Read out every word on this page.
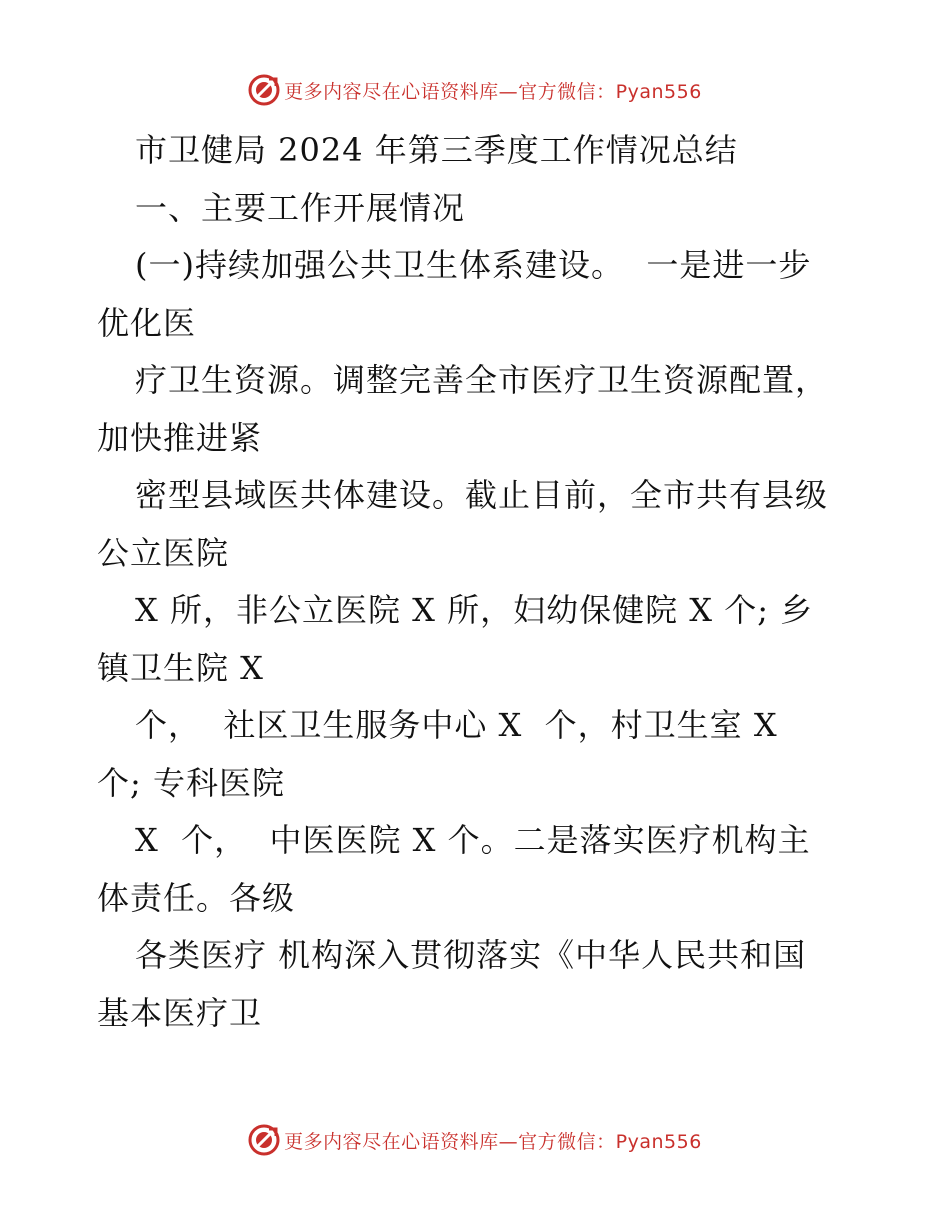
更多内容尽在心语资料库—官方微信：Pyan556
市卫健局 2024 年第三季度工作情况总结
一、主要工作开展情况
(一)持续加强公共卫生体系建设。  一是进一步
优化医
疗卫生资源。调整完善全市医疗卫生资源配置，
加快推进紧
密型县域医共体建设。截止目前，全市共有县级
公立医院
X 所，非公立医院 X 所，妇幼保健院 X 个; 乡
镇卫生院 X
个，  社区卫生服务中心 X  个，村卫生室 X
个; 专科医院
X  个，  中医医院 X 个。二是落实医疗机构主
体责任。各级
各类医疗 机构深入贯彻落实《中华人民共和国
基本医疗卫
更多内容尽在心语资料库—官方微信：Pyan556
